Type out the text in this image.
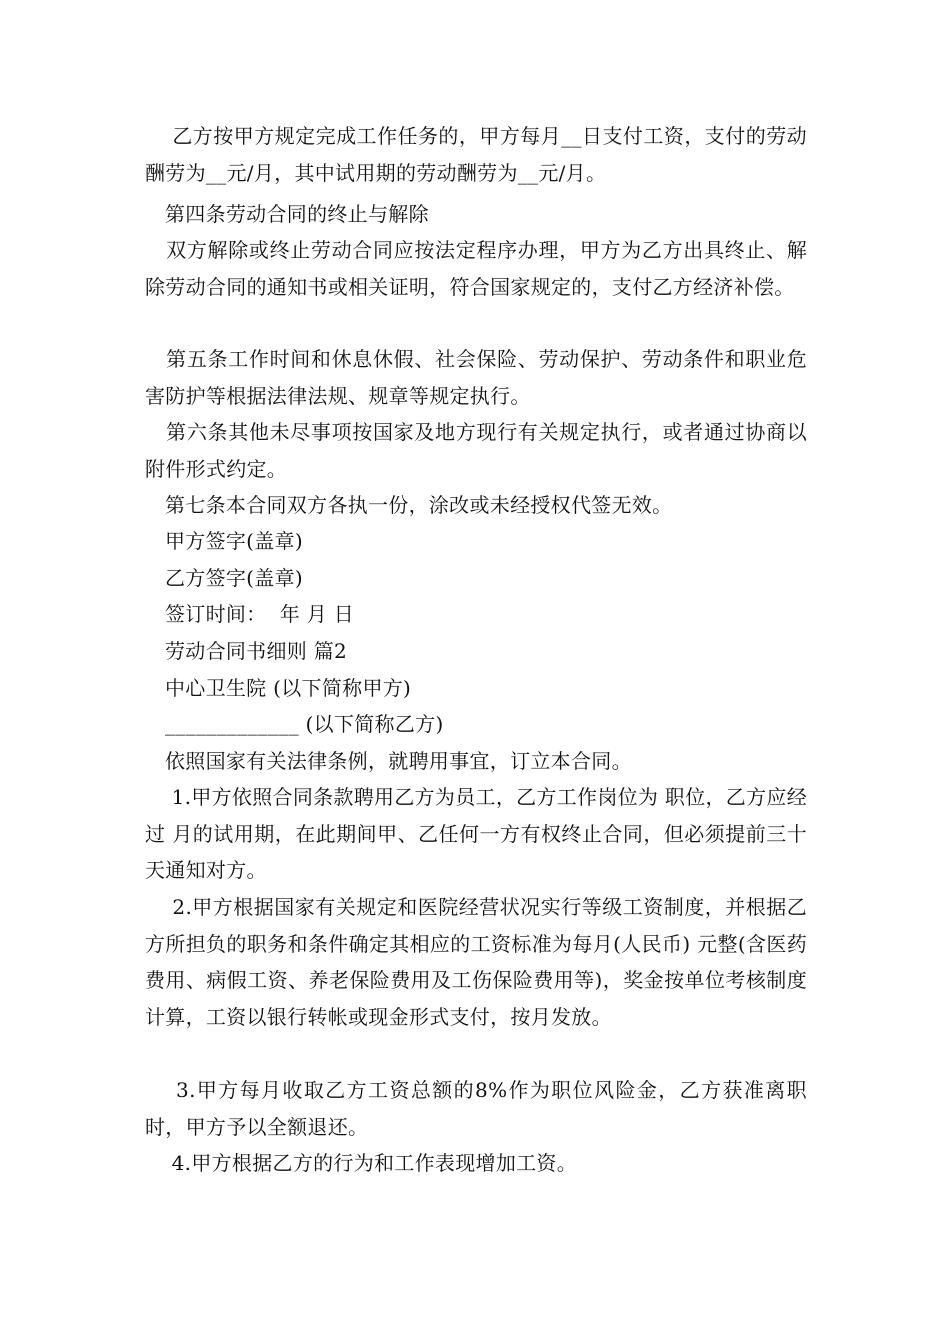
乙方按甲方规定完成工作任务的，甲方每月__日支付工资，支付的劳动酬劳为__元/月，其中试用期的劳动酬劳为__元/月。

第四条劳动合同的终止与解除

双方解除或终止劳动合同应按法定程序办理，甲方为乙方出具终止、解除劳动合同的通知书或相关证明，符合国家规定的，支付乙方经济补偿。

第五条工作时间和休息休假、社会保险、劳动保护、劳动条件和职业危害防护等根据法律法规、规章等规定执行。

第六条其他未尽事项按国家及地方现行有关规定执行，或者通过协商以附件形式约定。

第七条本合同双方各执一份，涂改或未经授权代签无效。

甲方签字(盖章)

乙方签字(盖章)

签订时间：  年 月 日

劳动合同书细则 篇2

中心卫生院 (以下简称甲方)

_____________ (以下简称乙方)

依照国家有关法律条例，就聘用事宜，订立本合同。

1.甲方依照合同条款聘用乙方为员工，乙方工作岗位为 职位，乙方应经过 月的试用期，在此期间甲、乙任何一方有权终止合同，但必须提前三十天通知对方。

2.甲方根据国家有关规定和医院经营状况实行等级工资制度，并根据乙方所担负的职务和条件确定其相应的工资标准为每月(人民币) 元整(含医药费用、病假工资、养老保险费用及工伤保险费用等)，奖金按单位考核制度计算，工资以银行转帐或现金形式支付，按月发放。

3.甲方每月收取乙方工资总额的8%作为职位风险金，乙方获准离职时，甲方予以全额退还。

4.甲方根据乙方的行为和工作表现增加工资。
